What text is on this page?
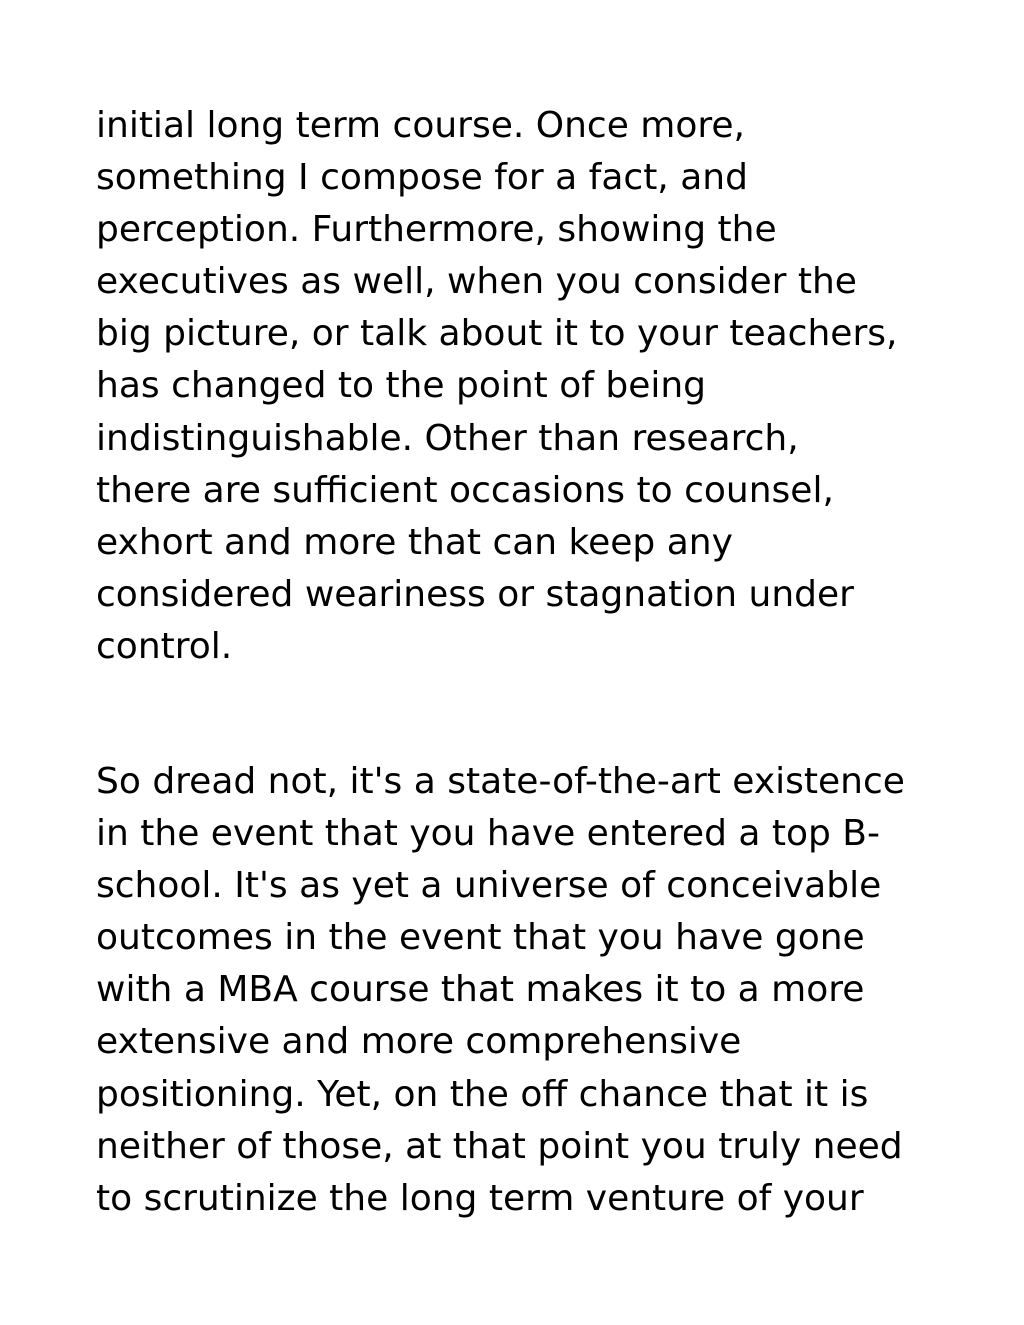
initial long term course. Once more,
something I compose for a fact, and
perception. Furthermore, showing the
executives as well, when you consider the
big picture, or talk about it to your teachers,
has changed to the point of being
indistinguishable. Other than research,
there are sufficient occasions to counsel,
exhort and more that can keep any
considered weariness or stagnation under
control.

So dread not, it's a state-of-the-art existence
in the event that you have entered a top B-
school. It's as yet a universe of conceivable
outcomes in the event that you have gone
with a MBA course that makes it to a more
extensive and more comprehensive
positioning. Yet, on the off chance that it is
neither of those, at that point you truly need
to scrutinize the long term venture of your
